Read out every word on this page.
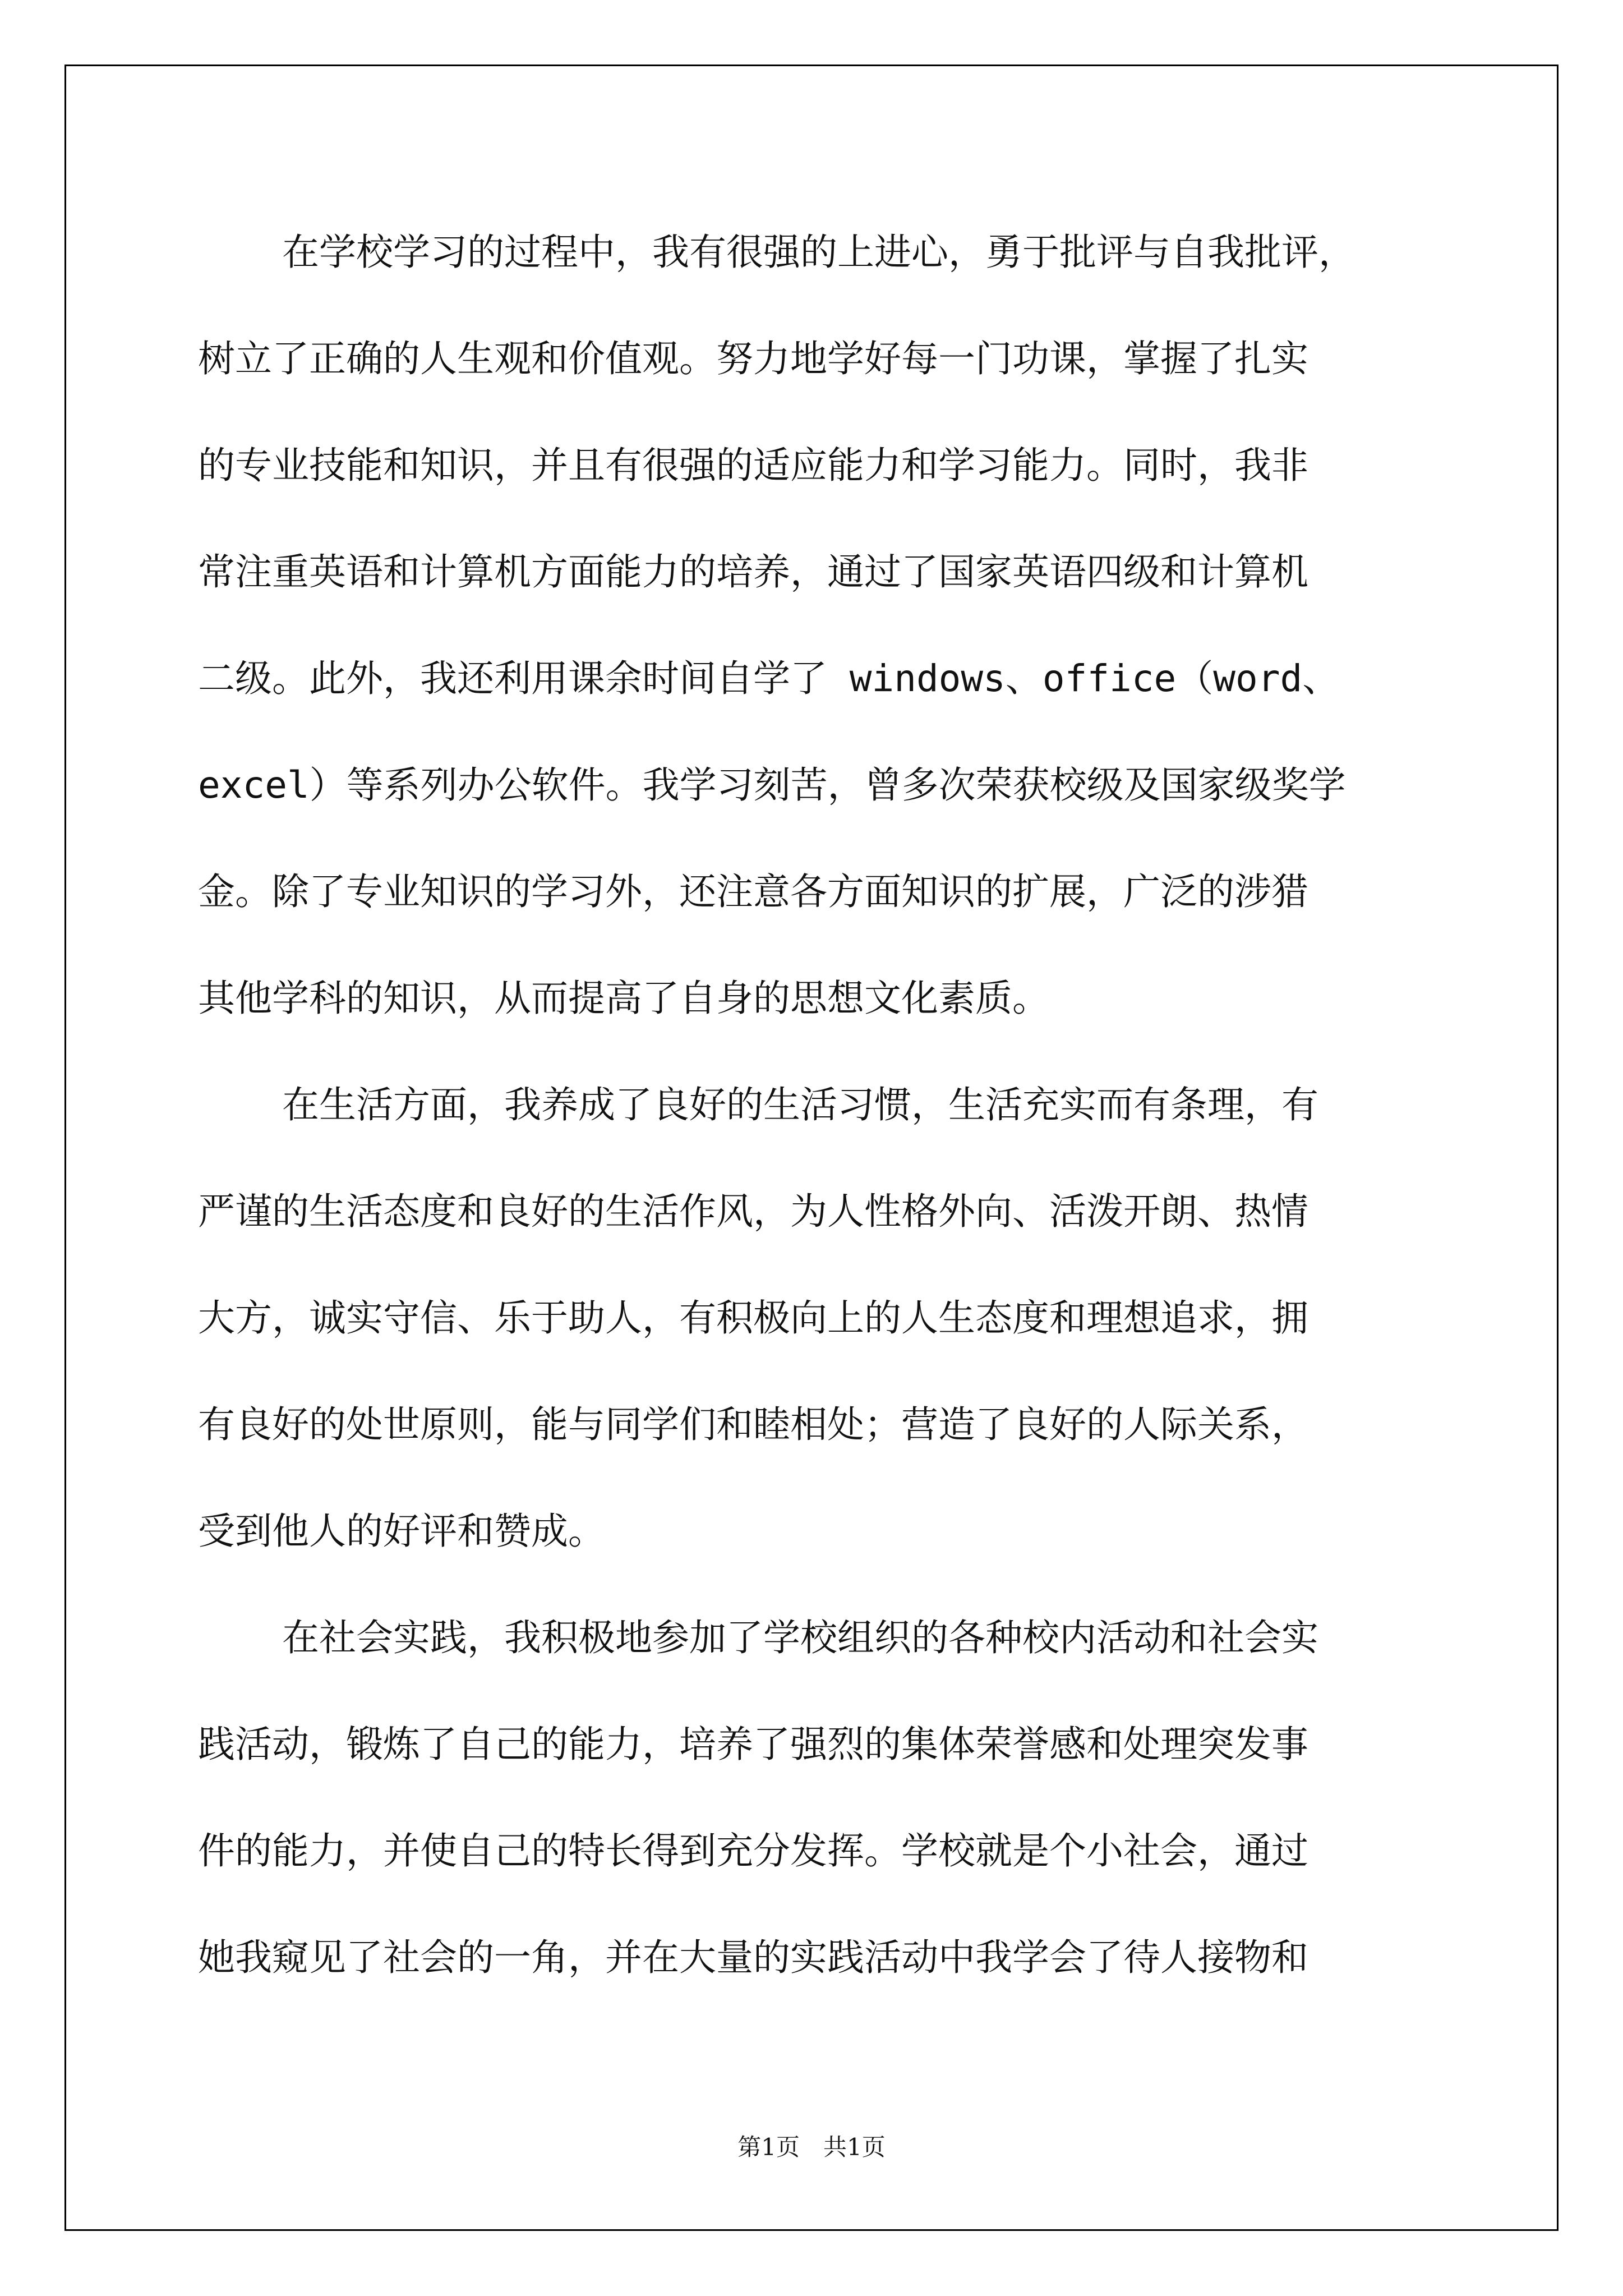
在学校学习的过程中，我有很强的上进心，勇于批评与自我批评，

树立了正确的人生观和价值观。努力地学好每一门功课，掌握了扎实

的专业技能和知识，并且有很强的适应能力和学习能力。同时，我非

常注重英语和计算机方面能力的培养，通过了国家英语四级和计算机

二级。此外，我还利用课余时间自学了 windows、office（word、

excel）等系列办公软件。我学习刻苦，曾多次荣获校级及国家级奖学

金。除了专业知识的学习外，还注意各方面知识的扩展，广泛的涉猎

其他学科的知识，从而提高了自身的思想文化素质。

在生活方面，我养成了良好的生活习惯，生活充实而有条理，有

严谨的生活态度和良好的生活作风，为人性格外向、活泼开朗、热情

大方，诚实守信、乐于助人，有积极向上的人生态度和理想追求，拥

有良好的处世原则，能与同学们和睦相处；营造了良好的人际关系，

受到他人的好评和赞成。

在社会实践，我积极地参加了学校组织的各种校内活动和社会实

践活动，锻炼了自己的能力，培养了强烈的集体荣誉感和处理突发事

件的能力，并使自己的特长得到充分发挥。学校就是个小社会，通过

她我窥见了社会的一角，并在大量的实践活动中我学会了待人接物和

第1页 共1页
